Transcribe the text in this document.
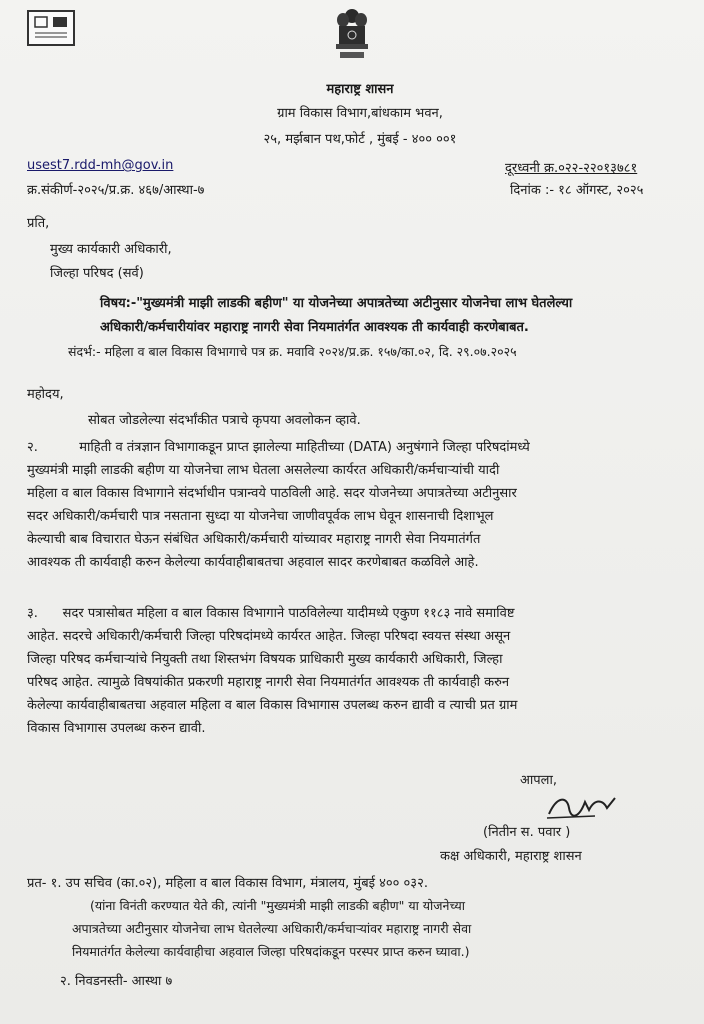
महाराष्ट्र शासन
ग्राम विकास विभाग,बांधकाम भवन,
२५, मर्झबान पथ,फोर्ट , मुंबई - ४०० ००१
usest7.rdd-mh@gov.in	दूरध्वनी क्र.०२२-२२०१३७८१
क्र.संकीर्ण-२०२५/प्र.क्र. ४६७/आस्था-७	दिनांक :- १८ ऑगस्ट, २०२५
प्रति,
मुख्य कार्यकारी अधिकारी,
जिल्हा परिषद (सर्व)
विषय:-"मुख्यमंत्री माझी लाडकी बहीण" या योजनेच्या अपात्रतेच्या अटीनुसार योजनेचा लाभ घेतलेल्या
अधिकारी/कर्मचारीयांवर महाराष्ट्र नागरी सेवा नियमातंर्गत आवश्यक ती कार्यवाही करणेबाबत.
संदर्भ:- महिला व बाल विकास विभागाचे पत्र क्र. मवावि २०२४/प्र.क्र. १५७/का.०२, दि. २९.०७.२०२५
महोदय,
सोबत जोडलेल्या संदर्भांकीत पत्राचे कृपया अवलोकन व्हावे.
२.          माहिती व तंत्रज्ञान विभागाकडून प्राप्त झालेल्या माहितीच्या (DATA) अनुषंगाने जिल्हा परिषदांमध्ये
मुख्यमंत्री माझी लाडकी बहीण या योजनेचा लाभ घेतला असलेल्या कार्यरत अधिकारी/कर्मचाऱ्यांची यादी
महिला व बाल विकास विभागाने संदर्भाधीन पत्रान्वये पाठविली आहे. सदर योजनेच्या अपात्रतेच्या अटीनुसार
सदर अधिकारी/कर्मचारी पात्र नसताना सुध्दा या योजनेचा जाणीवपूर्वक लाभ घेवून शासनाची दिशाभूल
केल्याची बाब विचारात घेऊन संबंधित अधिकारी/कर्मचारी यांच्यावर महाराष्ट्र नागरी सेवा नियमातंर्गत
आवश्यक ती कार्यवाही करुन केलेल्या कार्यवाहीबाबतचा अहवाल सादर करणेबाबत कळविले आहे.
३.      सदर पत्रासोबत महिला व बाल विकास विभागाने पाठविलेल्या यादीमध्ये एकुण ११८३ नावे समाविष्ट
आहेत. सदरचे अधिकारी/कर्मचारी जिल्हा परिषदांमध्ये कार्यरत आहेत. जिल्हा परिषदा स्वयत्त संस्था असून
जिल्हा परिषद कर्मचाऱ्यांचे नियुक्ती तथा शिस्तभंग विषयक प्राधिकारी मुख्य कार्यकारी अधिकारी, जिल्हा
परिषद आहेत. त्यामुळे विषयांकीत प्रकरणी महाराष्ट्र नागरी सेवा नियमातंर्गत आवश्यक ती कार्यवाही करुन
केलेल्या कार्यवाहीबाबतचा अहवाल महिला व बाल विकास विभागास उपलब्ध करुन द्यावी व त्याची प्रत ग्राम
विकास विभागास उपलब्ध करुन द्यावी.
आपला,
(नितीन स. पवार )
कक्ष अधिकारी, महाराष्ट्र शासन
प्रत- १. उप सचिव (का.०२), महिला व बाल विकास विभाग, मंत्रालय, मुंबई ४०० ०३२.
(यांना विनंती करण्यात येते की, त्यांनी "मुख्यमंत्री माझी लाडकी बहीण" या योजनेच्या
अपात्रतेच्या अटीनुसार योजनेचा लाभ घेतलेल्या अधिकारी/कर्मचाऱ्यांवर महाराष्ट्र नागरी सेवा
नियमातंर्गत केलेल्या कार्यवाहीचा अहवाल जिल्हा परिषदांकडून परस्पर प्राप्त करुन घ्यावा.)
२. निवडनस्ती- आस्था ७
